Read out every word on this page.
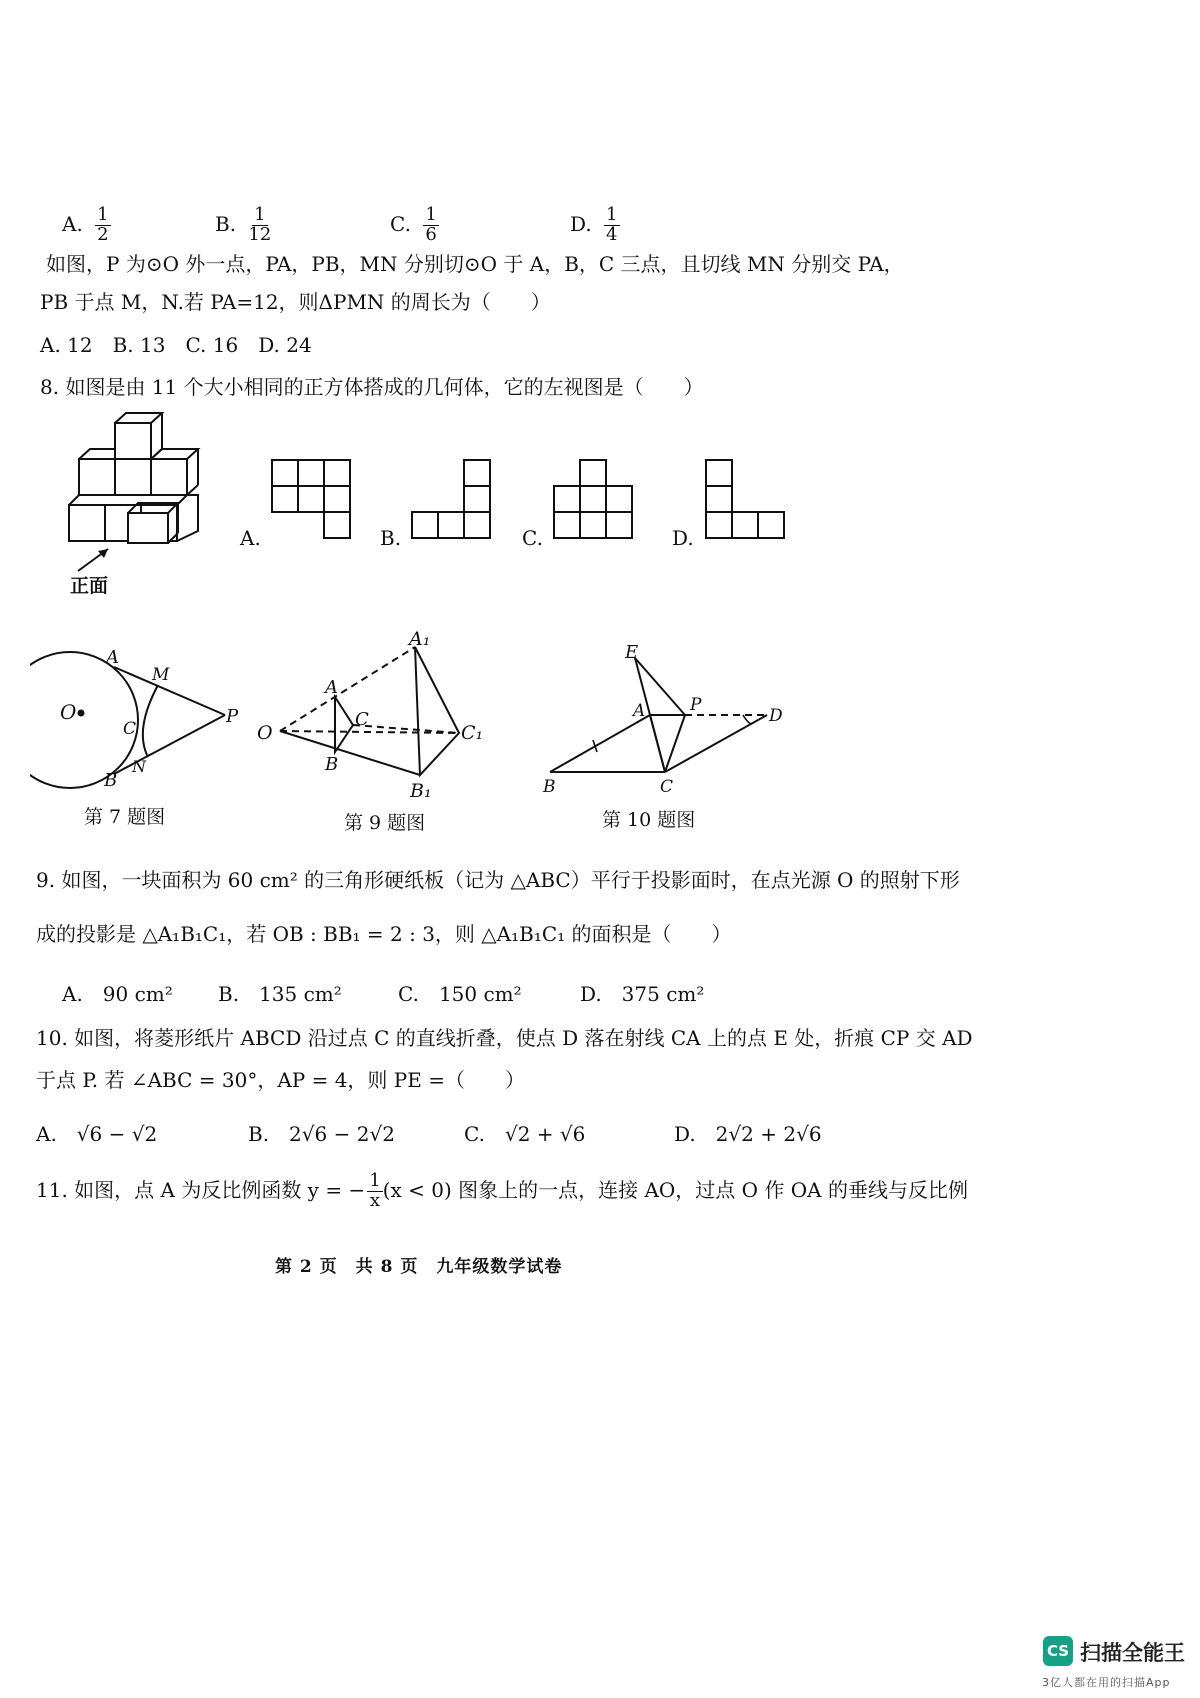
A. $\frac{1}{2}$	B. $\frac{1}{12}$	C. $\frac{1}{6}$	D. $\frac{1}{4}$
如图，P 为⊙O 外一点，PA，PB，MN 分别切⊙O 于 A，B，C 三点，且切线 MN 分别交 PA，
PB 于点 M，N.若 PA=12，则ΔPMN 的周长为（　　）
A. 12　B. 13　C. 16　D. 24
8. 如图是由 11 个大小相同的正方体搭成的几何体，它的左视图是（　　）
正面
A.	B.	C.	D.
O
A
M
C
P
B
N
第 7 题图
A₁
A
C
O	C₁
B
B₁
第 9 题图
E
A	P
D
B	C
第 10 题图
9. 如图，一块面积为 60 cm² 的三角形硬纸板（记为 △ABC）平行于投影面时，在点光源 O 的照射下形
成的投影是 △A₁B₁C₁，若 OB : BB₁ = 2 : 3，则 △A₁B₁C₁ 的面积是（　　）
A.　90 cm² B.　135 cm²	C.　150 cm²	D.　375 cm²
10. 如图，将菱形纸片 ABCD 沿过点 C 的直线折叠，使点 D 落在射线 CA 上的点 E 处，折痕 CP 交 AD
于点 P. 若 ∠ABC = 30°，AP = 4，则 PE =（　　）
A.　√6 − √2	B.　2√6 − 2√2	C.　√2 + √6	D.　2√2 + 2√6
11. 如图，点 A 为反比例函数 y = − $\frac{1}{x} (x < 0)$ 图象上的一点，连接 AO，过点 O 作 OA 的垂线与反比例
第 2 页　共 8 页　九年级数学试卷
CS 扫描全能王
3亿人都在用的扫描App
